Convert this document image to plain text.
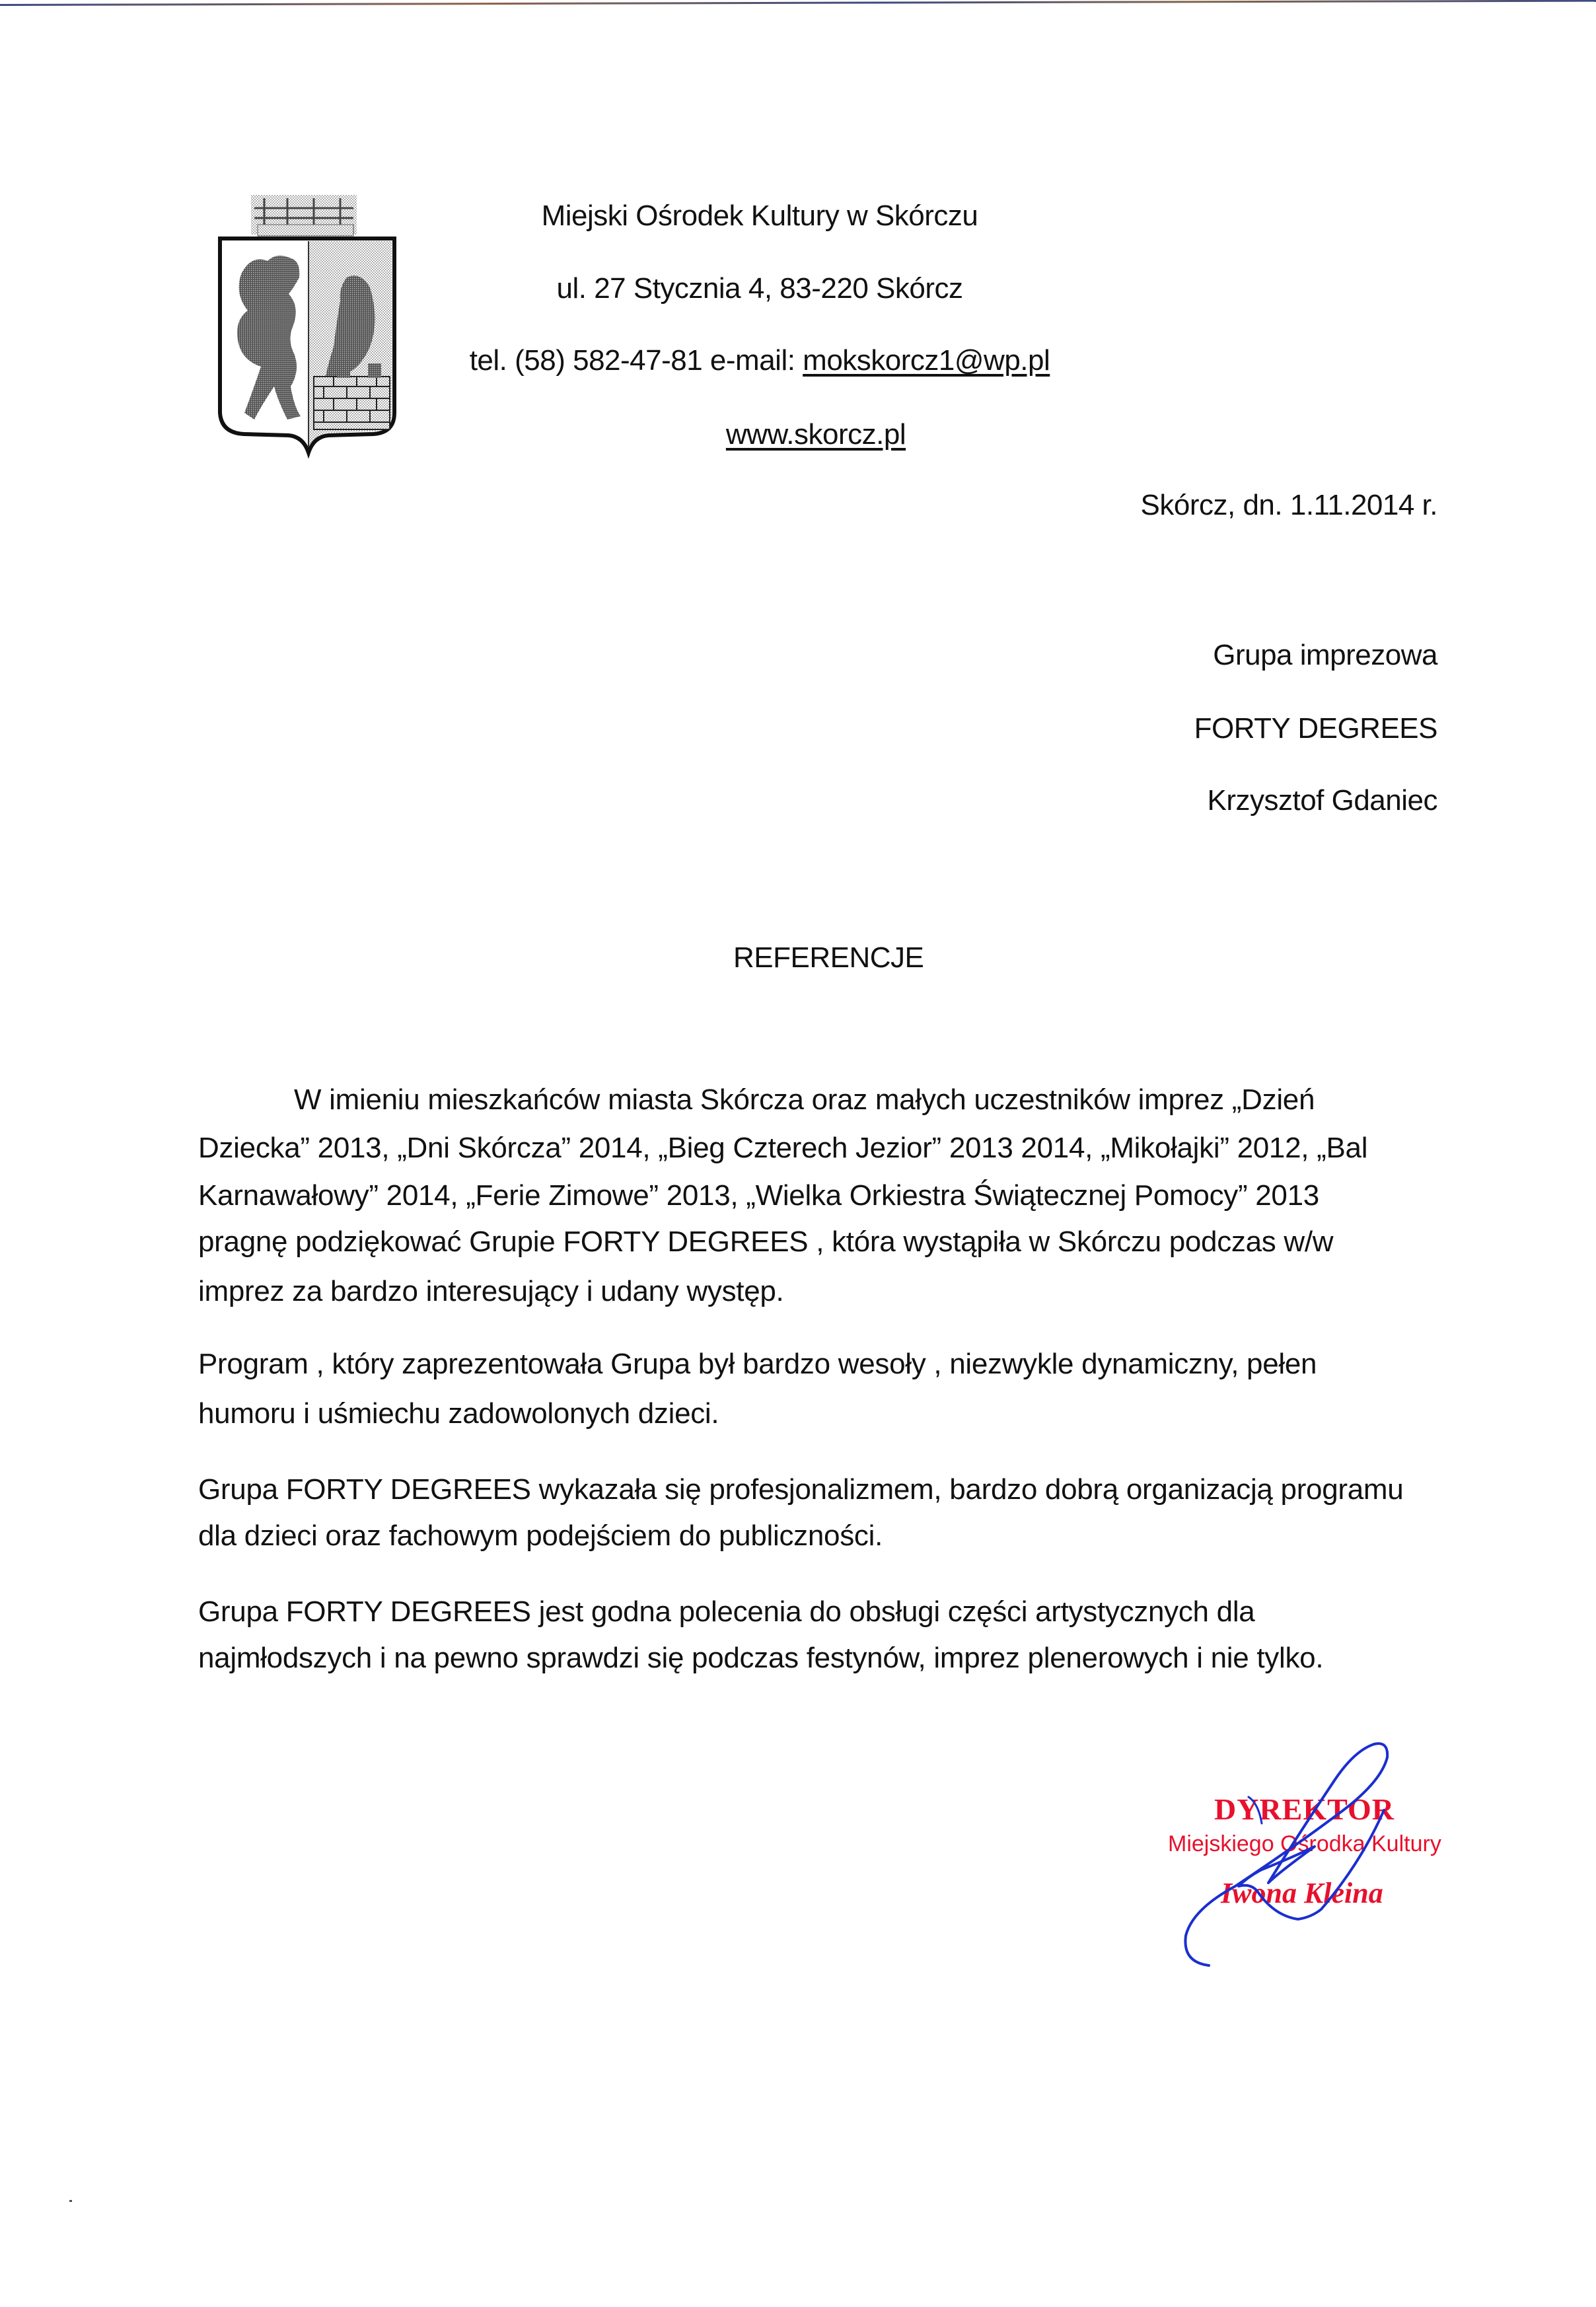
Miejski Ośrodek Kultury w Skórczu
ul. 27 Stycznia 4, 83-220 Skórcz
tel. (58) 582-47-81 e-mail: mokskorcz1@wp.pl
www.skorcz.pl
Skórcz, dn. 1.11.2014 r.
Grupa imprezowa
FORTY DEGREES
Krzysztof Gdaniec
REFERENCJE
W imieniu mieszkańców miasta Skórcza oraz małych uczestników imprez „Dzień
Dziecka” 2013, „Dni Skórcza” 2014, „Bieg Czterech Jezior” 2013 2014, „Mikołajki” 2012, „Bal
Karnawałowy” 2014, „Ferie Zimowe” 2013, „Wielka Orkiestra Świątecznej Pomocy” 2013
pragnę podziękować Grupie FORTY DEGREES , która wystąpiła w Skórczu podczas w/w
imprez za bardzo interesujący i udany występ.
Program , który zaprezentowała Grupa był bardzo wesoły , niezwykle dynamiczny, pełen
humoru i uśmiechu zadowolonych dzieci.
Grupa FORTY DEGREES wykazała się profesjonalizmem, bardzo dobrą organizacją programu
dla dzieci oraz fachowym podejściem do publiczności.
Grupa FORTY DEGREES jest godna polecenia do obsługi części artystycznych dla
najmłodszych i na pewno sprawdzi się podczas festynów, imprez plenerowych i nie tylko.
DYREKTOR
Miejskiego Ośrodka Kultury
Iwona Kleina
